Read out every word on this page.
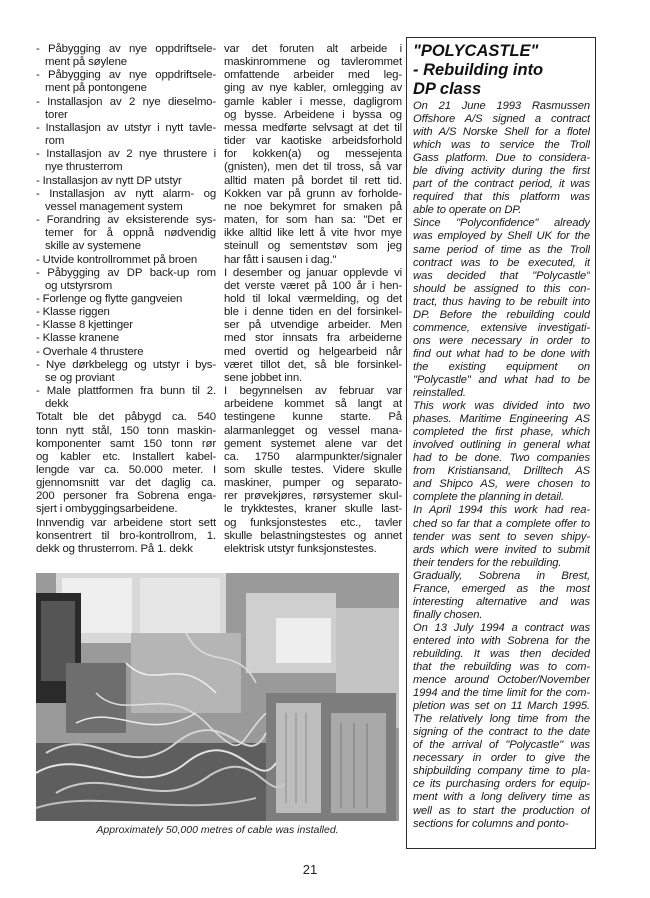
- Påbygging av nye oppdriftsele-
ment på søylene
- Påbygging av nye oppdriftsele-
ment på pontongene
- Installasjon av 2 nye dieselmo-
torer
- Installasjon av utstyr i nytt tavle-
rom
- Installasjon av 2 nye thrustere i
nye thrusterrom
- Installasjon av nytt DP utstyr
- Installasjon av nytt alarm- og
vessel management system
- Forandring av eksisterende sys-
temer for å oppnå nødvendig
skille av systemene
- Utvide kontrollrommet på broen
- Påbygging av DP back-up rom
og utstyrsrom
- Forlenge og flytte gangveien
- Klasse riggen
- Klasse 8 kjettinger
- Klasse kranene
- Overhale 4 thrustere
- Nye dørkbelegg og utstyr i bys-
se og proviant
- Male plattformen fra bunn til 2.
dekk
Totalt ble det påbygd ca. 540
tonn nytt stål, 150 tonn maskin-
komponenter samt 150 tonn rør
og kabler etc. Installert kabel-
lengde var ca. 50.000 meter. I
gjennomsnitt var det daglig ca.
200 personer fra Sobrena enga-
sjert i ombyggingsarbeidene.
Innvendig var arbeidene stort sett
konsentrert til bro-kontrollrom, 1.
dekk og thrusterrom. På 1. dekk
var det foruten alt arbeide i
maskinrommene og tavlerommet
omfattende arbeider med leg-
ging av nye kabler, omlegging av
gamle kabler i messe, dagligrom
og bysse. Arbeidene i byssa og
messa medførte selvsagt at det til
tider var kaotiske arbeidsforhold
for kokken(a) og messejenta
(gnisten), men det til tross, så var
alltid maten på bordet til rett tid.
Kokken var på grunn av forholde-
ne noe bekymret for smaken på
maten, for som han sa: "Det er
ikke alltid like lett å vite hvor mye
steinull og sementstøv som jeg
har fått i sausen i dag."
I desember og januar opplevde vi
det verste været på 100 år i hen-
hold til lokal værmelding, og det
ble i denne tiden en del forsinkel-
ser på utvendige arbeider. Men
med stor innsats fra arbeiderne
med overtid og helgearbeid når
været tillot det, så ble forsinkel-
sene jobbet inn.
I begynnelsen av februar var
arbeidene kommet så langt at
testingene kunne starte. På
alarmanlegget og vessel mana-
gement systemet alene var det
ca. 1750 alarmpunkter/signaler
som skulle testes. Videre skulle
maskiner, pumper og separato-
rer prøvekjøres, rørsystemer skul-
le trykktestes, kraner skulle last-
og funksjonstestes etc., tavler
skulle belastningstestes og annet
elektrisk utstyr funksjonstestes.
"POLYCASTLE"
- Rebuilding into
DP class
On 21 June 1993 Rasmussen
Offshore A/S signed a contract
with A/S Norske Shell for a flotel
which was to service the Troll
Gass platform. Due to considera-
ble diving activity during the first
part of the contract period, it was
required that this platform was
able to operate on DP.
Since "Polyconfidence" already
was employed by Shell UK for the
same period of time as the Troll
contract was to be executed, it
was decided that "Polycastle"
should be assigned to this con-
tract, thus having to be rebuilt into
DP. Before the rebuilding could
commence, extensive investigati-
ons were necessary in order to
find out what had to be done with
the existing equipment on
"Polycastle" and what had to be
reinstalled.
This work was divided into two
phases. Maritime Engineering AS
completed the first phase, which
involved outlining in general what
had to be done. Two companies
from Kristiansand, Drilltech AS
and Shipco AS, were chosen to
complete the planning in detail.
In April 1994 this work had rea-
ched so far that a complete offer to
tender was sent to seven shipy-
ards which were invited to submit
their tenders for the rebuilding.
Gradually, Sobrena in Brest,
France, emerged as the most
interesting alternative and was
finally chosen.
On 13 July 1994 a contract was
entered into with Sobrena for the
rebuilding. It was then decided
that the rebuilding was to com-
mence around October/November
1994 and the time limit for the com-
pletion was set on 11 March 1995.
The relatively long time from the
signing of the contract to the date
of the arrival of "Polycastle" was
necessary in order to give the
shipbuilding company time to pla-
ce its purchasing orders for equip-
ment with a long delivery time as
well as to start the production of
sections for columns and ponto-
Approximately 50,000 metres of cable was installed.
21
